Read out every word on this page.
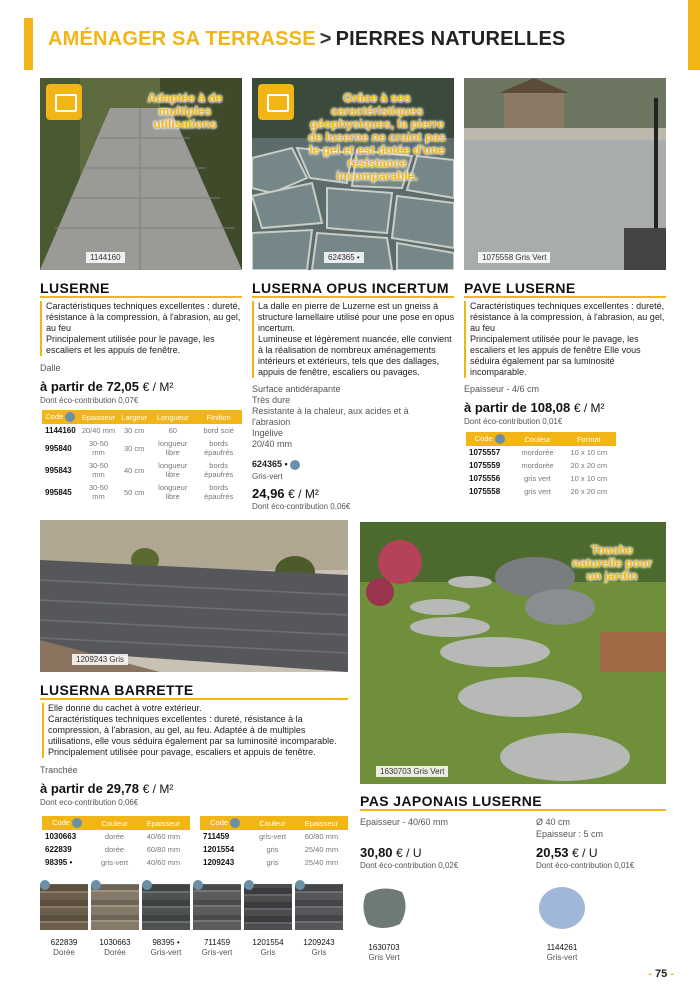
AMÉNAGER SA TERRASSE > PIERRES NATURELLES
Adaptée à de multiples utilisations
1144160
Grâce à ses caractéristiques géophysiques, la pierre de luserne ne craint pas le gel et est dotée d'une résistance incomparable.
624365 •	1075558 Gris Vert
LUSERNE
Caractéristiques techniques excellentes : dureté, résistance à la compression, à l'abrasion, au gel, au feu
Principalement utilisée pour le pavage, les escaliers et les appuis de fenêtre.
Dalle
à partir de 72,05 € / M²
Dont éco-contribution 0,07€
Code	Epaisseur	Largeur	Longueur	Finition
1144160	20/40 mm	30 cm	60	bord scié
995840	30-50 mm	30 cm	longueur libre	bords épaufrés
995843	30-50 mm	40 cm	longueur libre	bords épaufrés
995845	30-50 mm	50 cm	longueur libre	bords épaufrés
LUSERNA OPUS INCERTUM
La dalle en pierre de Luzerne est un gneiss à structure lamellaire utilisé pour une pose en opus incertum.
Lumineuse et légèrement nuancée, elle convient à la réalisation de nombreux aménagements intérieurs et extérieurs, tels que des dallages, appuis de fenêtre, escaliers ou pavages.
Surface antidérapante
Très dure
Resistante à la chaleur, aux acides et à l'abrasion
Ingélive
20/40 mm
624365 •
Gris-vert
24,96 € / M²
Dont éco-contribution 0,06€
PAVE LUSERNE
Caractéristiques techniques excellentes : dureté, résistance à la compression, à l'abrasion, au gel, au feu
Principalement utilisée pour le pavage, les escaliers et les appuis de fenêtre Elle vous séduira également par sa luminosité incomparable.
Epaisseur - 4/6 cm
à partir de 108,08 € / M²
Dont éco-contribution 0,01€
Code	Couleur	Format
1075557	mordorée	10 x 10 cm
1075559	mordorée	20 x 20 cm
1075556	gris vert	10 x 10 cm
1075558	gris vert	20 x 20 cm
1209243 Gris
Touche naturelle pour un jardin
1630703 Gris Vert
LUSERNA BARRETTE
Elle donne du cachet à votre extérieur.
Caractéristiques techniques excellentes : dureté, résistance à la compression, à l'abrasion, au gel, au feu. Adaptée à de multiples utilisations, elle vous séduira également par sa luminosité incomparable.
Principalement utilisée pour pavage, escaliers et appuis de fenêtre.
Tranchée
à partir de 29,78 € / M²
Dont eco-contribution 0,06€
Code	Couleur	Epaisseur
1030663	dorée	40/60 mm
622839	dorée	60/80 mm
98395 •	gris-vert	40/60 mm
Code	Couleur	Epaisseur
711459	gris-vert	60/80 mm
1201554	gris	25/40 mm
1209243	gris	25/40 mm
622839
Dorée
1030663
Dorée
98395 •
Gris-vert
711459
Gris-vert
1201554
Gris
1209243
Gris
PAS JAPONAIS LUSERNE
Epaisseur - 40/60 mm
30,80 € / U
Dont éco-contribution 0,02€
Ø 40 cm
Epaisseur : 5 cm
20,53 € / U
Dont éco-contribution 0,01€
1630703
Gris Vert
1144261
Gris-vert
- 75 -
